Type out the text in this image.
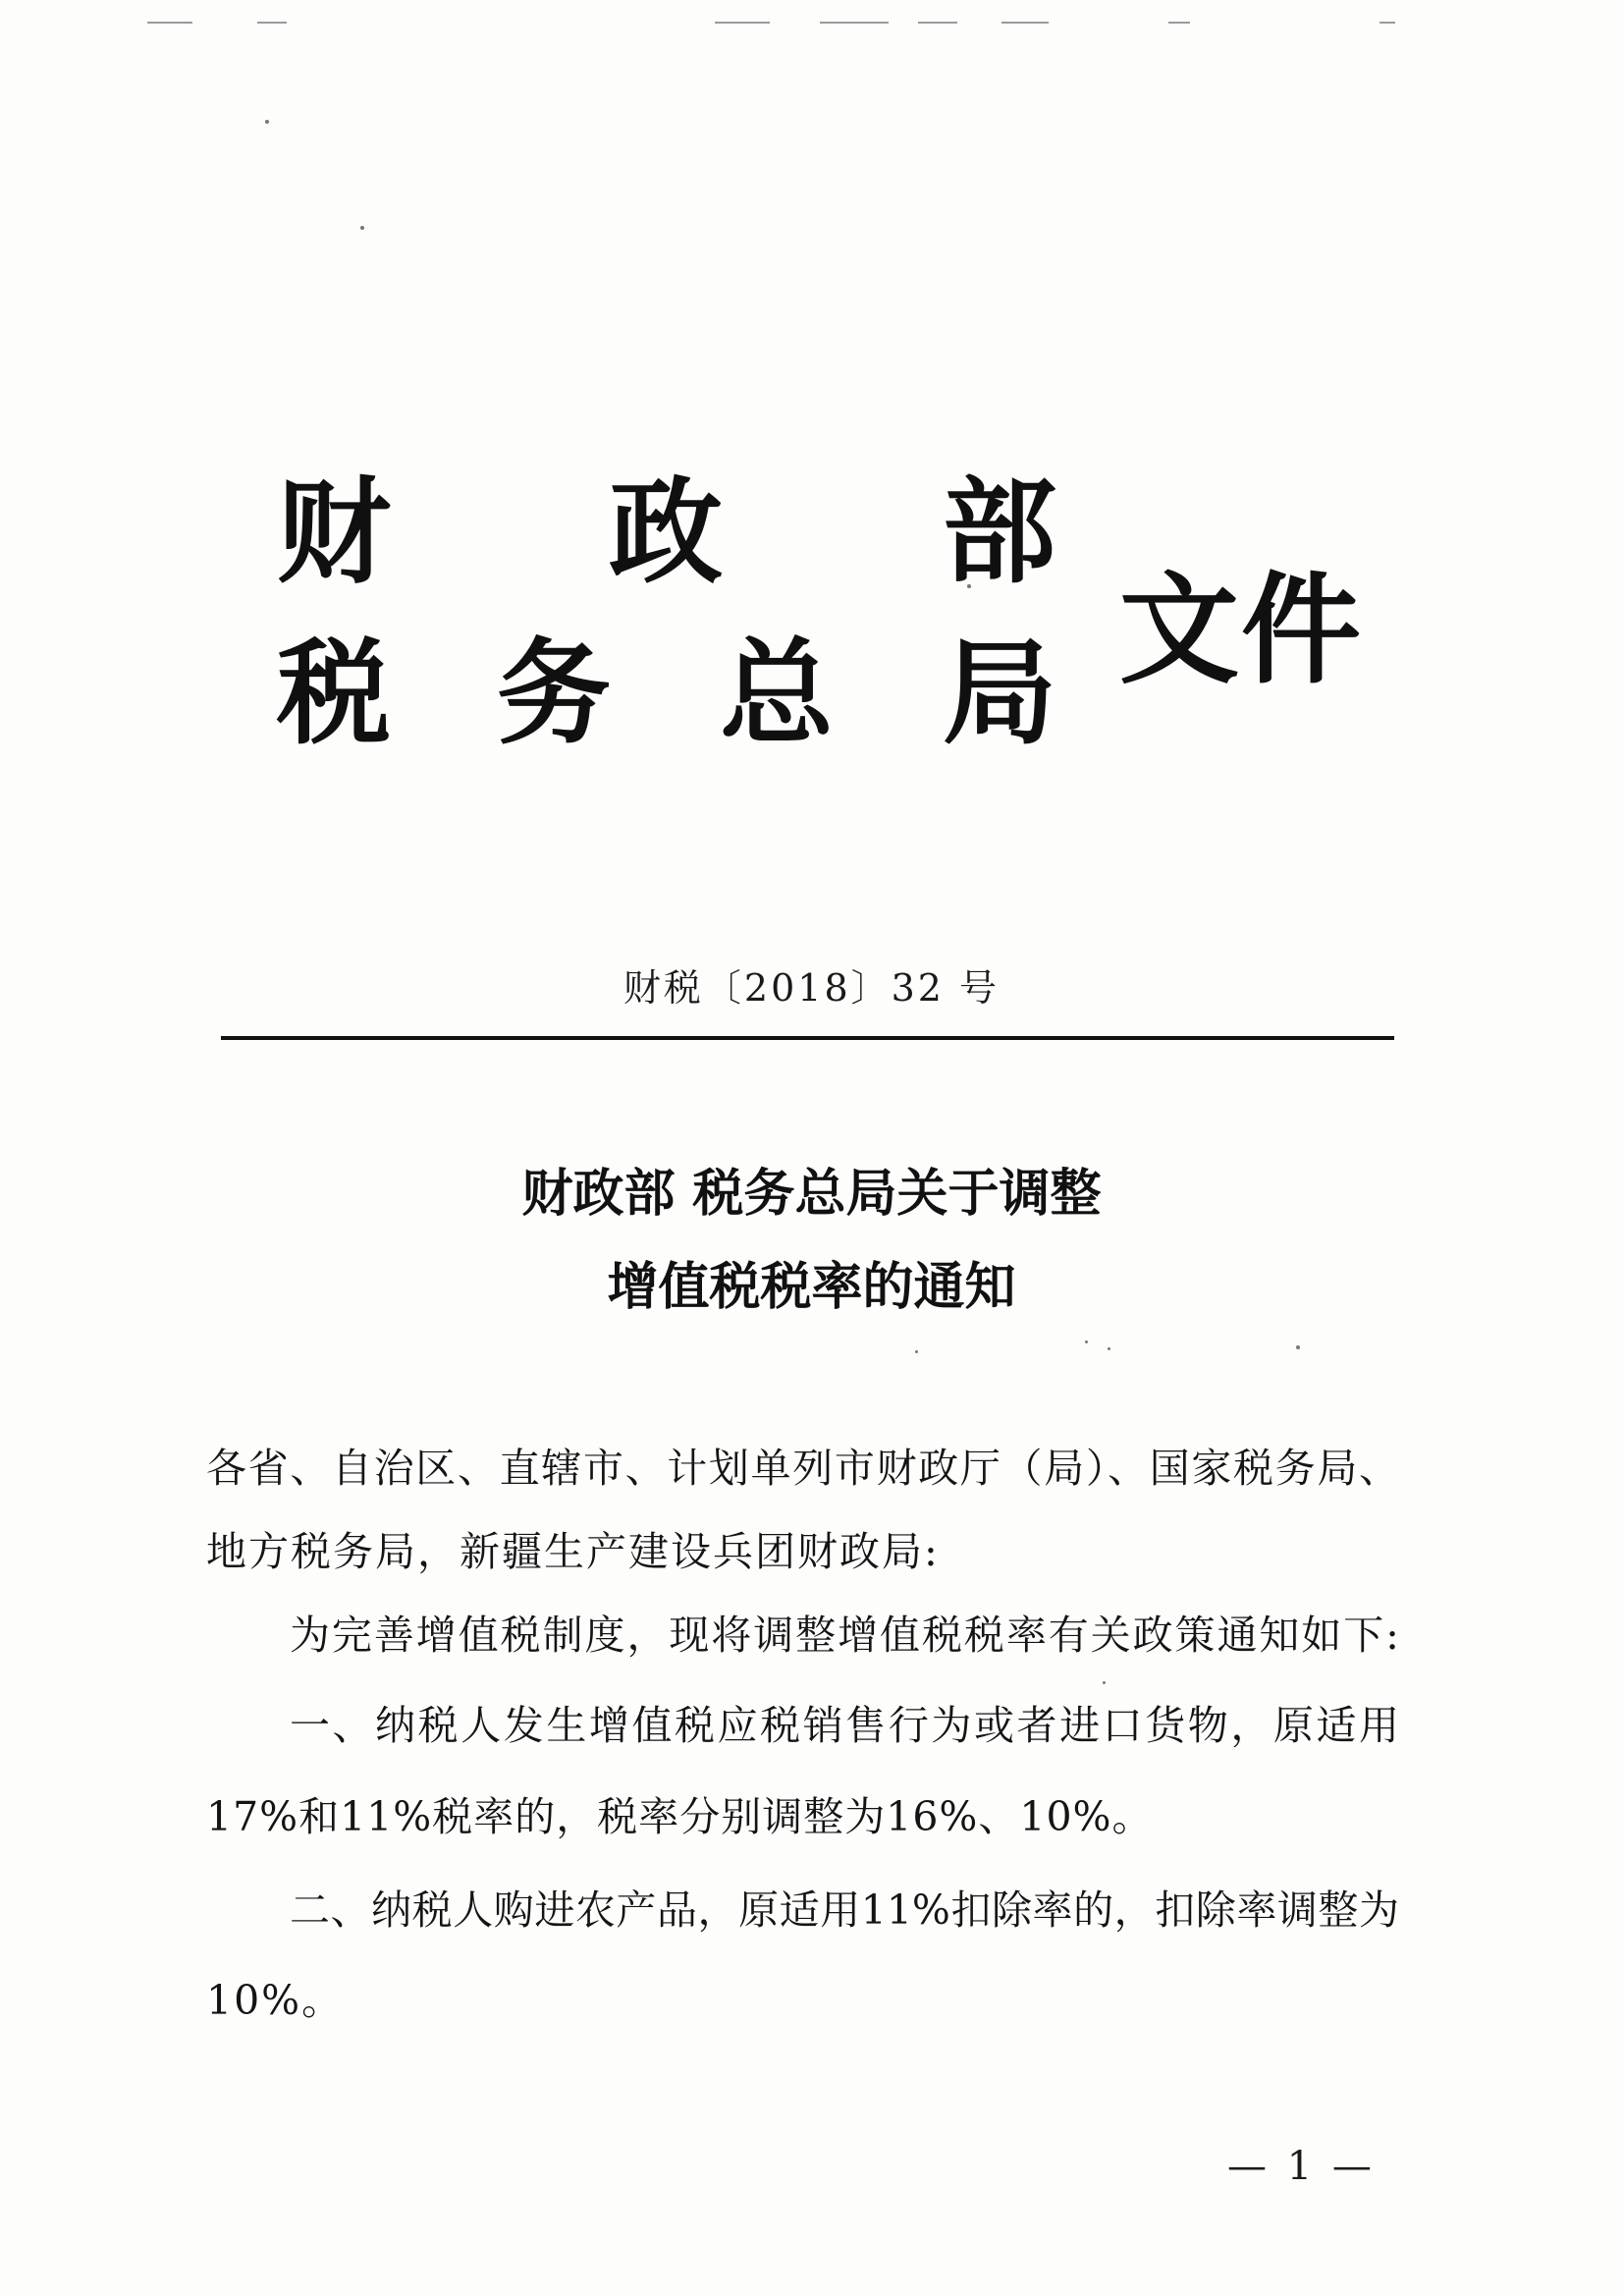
财 政 部
税 务 总 局 文件
财税〔2018〕32 号
财政部 税务总局关于调整
增值税税率的通知
各省、自治区、直辖市、计划单列市财政厅（局）、国家税务局、
地方税务局，新疆生产建设兵团财政局:
为完善增值税制度，现将调整增值税税率有关政策通知如下:
一、纳税人发生增值税应税销售行为或者进口货物，原适用
17%和11%税率的，税率分别调整为16%、10%。
二、纳税人购进农产品，原适用11%扣除率的，扣除率调整为
10%。
— 1 —
